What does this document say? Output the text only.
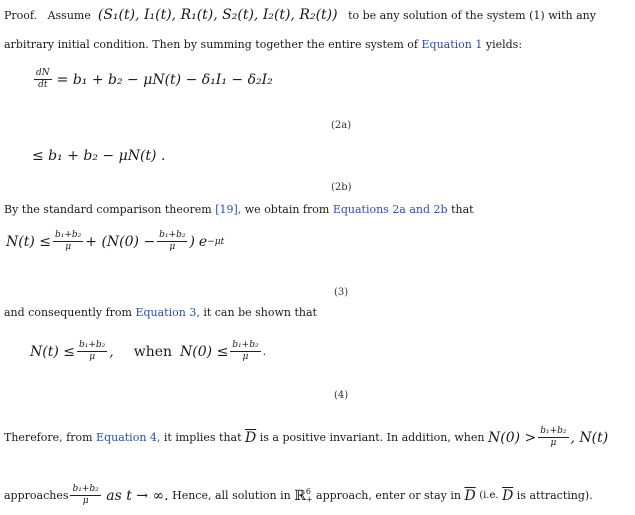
Proof. Assume (S₁(t), I₁(t), R₁(t), S₂(t), I₂(t), R₂(t)) to be any solution of the system (1) with any
arbitrary initial condition. Then by summing together the entire system of Equation 1 yields:
$\frac{dN}{dt} = b_1 + b_2 - \mu N(t) - \delta_1I_1 - \delta_2I_2$
(2a)
≤ b₁ + b₂ − μN(t) .
(2b)
By the standard comparison theorem [19], we obtain from Equations 2a and 2b that
$N(t) \le \frac{\text{b₁+b₂}}{\mu} + (N(0) - \frac{\text{b₁+b₂}}{\mu}$ ) e −μt
(3)
and consequently from Equation 3, it can be shown that
$N(t) \le \frac{\text{b₁+b₂}}{\mu}$ , when $N(0) \le \frac{\text{b₁+b₂}}{\mu}$ .
(4)
Therefore, from
Equation 4,
it implies that
$\overline{D}$
is a positive invariant. In addition, when
$N(0) > \frac{\text{b₁+b₂}}{\mu}$ , N(t)
approaches $\frac{\text{b₁+b₂}}{\mu}$
as t → ∞.
Hence, all solution in
ℝ 6
+
approach, enter or stay in
$\overline{D}$
(i.e.
$\overline{D}$
is attracting).
